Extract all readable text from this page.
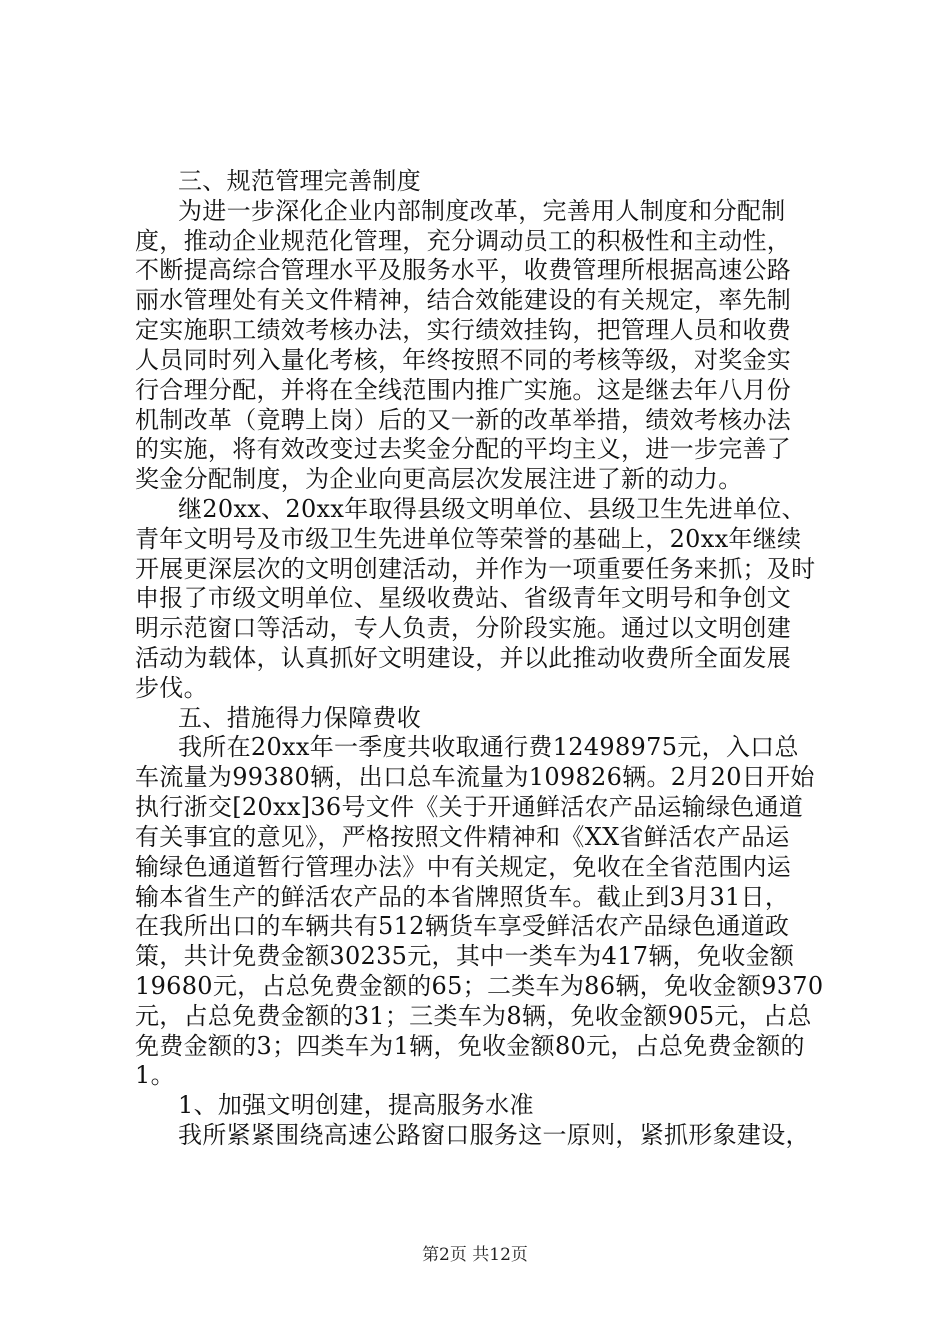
三、规范管理完善制度
为进一步深化企业内部制度改革，完善用人制度和分配制
度，推动企业规范化管理，充分调动员工的积极性和主动性，
不断提高综合管理水平及服务水平，收费管理所根据高速公路
丽水管理处有关文件精神，结合效能建设的有关规定，率先制
定实施职工绩效考核办法，实行绩效挂钩，把管理人员和收费
人员同时列入量化考核，年终按照不同的考核等级，对奖金实
行合理分配，并将在全线范围内推广实施。这是继去年八月份
机制改革（竟聘上岗）后的又一新的改革举措，绩效考核办法
的实施，将有效改变过去奖金分配的平均主义，进一步完善了
奖金分配制度，为企业向更高层次发展注进了新的动力。
继20xx、20xx年取得县级文明单位、县级卫生先进单位、
青年文明号及市级卫生先进单位等荣誉的基础上，20xx年继续
开展更深层次的文明创建活动，并作为一项重要任务来抓；及时
申报了市级文明单位、星级收费站、省级青年文明号和争创文
明示范窗口等活动，专人负责，分阶段实施。通过以文明创建
活动为载体，认真抓好文明建设，并以此推动收费所全面发展
步伐。
五、措施得力保障费收
我所在20xx年一季度共收取通行费12498975元，入口总
车流量为99380辆，出口总车流量为109826辆。2月20日开始
执行浙交[20xx]36号文件《关于开通鲜活农产品运输绿色通道
有关事宜的意见》，严格按照文件精神和《XX省鲜活农产品运
输绿色通道暂行管理办法》中有关规定，免收在全省范围内运
输本省生产的鲜活农产品的本省牌照货车。截止到3月31日，
在我所出口的车辆共有512辆货车享受鲜活农产品绿色通道政
策，共计免费金额30235元，其中一类车为417辆，免收金额
19680元，占总免费金额的65；二类车为86辆，免收金额9370
元，占总免费金额的31；三类车为8辆，免收金额905元，占总
免费金额的3；四类车为1辆，免收金额80元，占总免费金额的
1。
1、加强文明创建，提高服务水准
我所紧紧围绕高速公路窗口服务这一原则，紧抓形象建设，
第2页 共12页
